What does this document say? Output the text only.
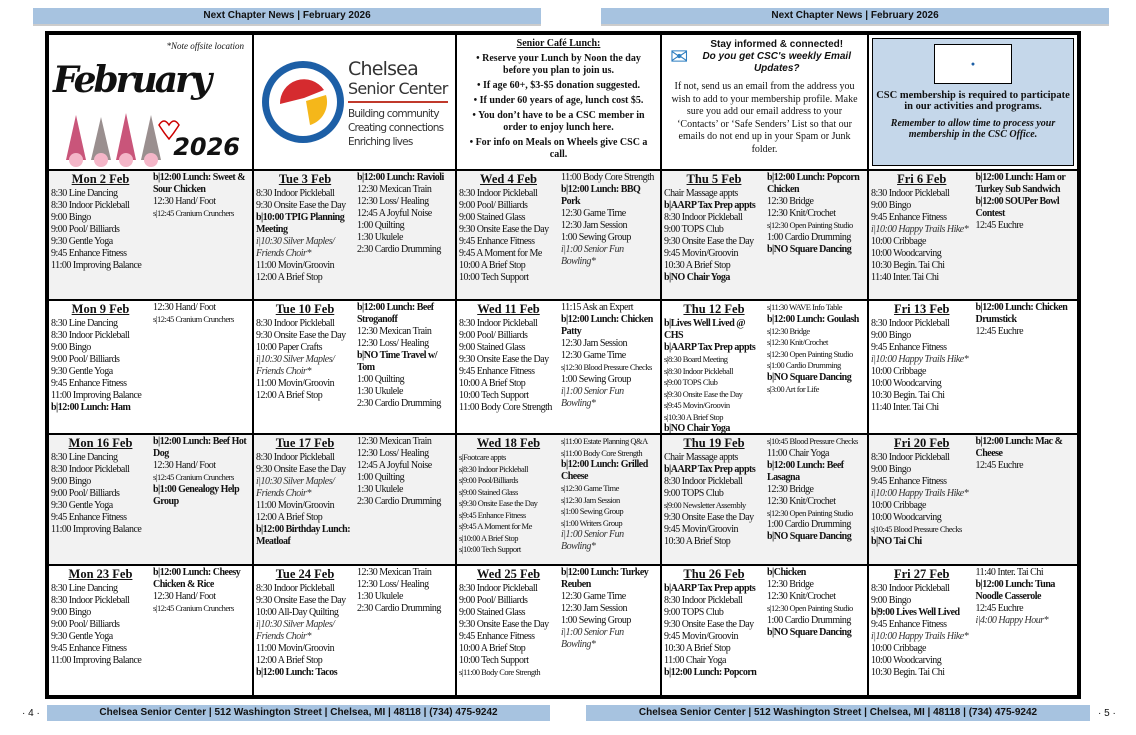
Next Chapter News | February 2026	Next Chapter News | February 2026
*Note offsite location
February
2026
Chelsea
Senior Center
Building community
Creating connections
Enriching lives
Senior Café Lunch:

• Reserve your Lunch by Noon the day before you plan to join us.

• If age 60+, $3-$5 donation suggested.

• If under 60 years of age, lunch cost $5.

• You don’t have to be a CSC member in order to enjoy lunch here.

• For info on Meals on Wheels give CSC a call.

✉	Stay informed & connected!
Do you get CSC's weekly Email Updates?
If not, send us an email from the address you wish to add to your membership profile. Make sure you add our email address to your ‘Contacts’ or ‘Safe Senders’ List so that our emails do not end up in your Spam or Junk folder.
●
CSC membership is required to participate in our activities and programs.
Remember to allow time to process your membership in the CSC Office.
Mon 2 Feb
8:30 Line Dancing
8:30 Indoor Pickleball
9:00 Bingo
9:00 Pool/ Billiards
9:30 Gentle Yoga
9:45 Enhance Fitness
11:00 Improving Balance
b|12:00 Lunch: Sweet & Sour Chicken
12:30 Hand/ Foot
s|12:45 Cranium Crunchers
Tue 3 Feb
8:30 Indoor Pickleball
9:30 Onsite Ease the Day
b|10:00 TPIG Planning Meeting
i|10:30 Silver Maples/ Friends Choir*
11:00 Movin/Groovin
12:00 A Brief Stop
b|12:00 Lunch: Ravioli
12:30 Mexican Train
12:30 Loss/ Healing
12:45 A Joyful Noise
1:00 Quilting
1:30 Ukulele
2:30 Cardio Drumming
Wed 4 Feb
8:30 Indoor Pickleball
9:00 Pool/ Billiards
9:00 Stained Glass
9:30 Onsite Ease the Day
9:45 Enhance Fitness
9:45 A Moment for Me
10:00 A Brief Stop
10:00 Tech Support
11:00 Body Core Strength
b|12:00 Lunch: BBQ Pork
12:30 Game Time
12:30 Jam Session
1:00 Sewing Group
i|1:00 Senior Fun Bowling*
Thu 5 Feb
Chair Massage appts
b|AARP Tax Prep appts
8:30 Indoor Pickleball
9:00 TOPS Club
9:30 Onsite Ease the Day
9:45 Movin/Groovin
10:30 A Brief Stop
b|NO Chair Yoga
b|12:00 Lunch: Popcorn Chicken
12:30 Bridge
12:30 Knit/Crochet
s|12:30 Open Painting Studio
1:00 Cardio Drumming
b|NO Square Dancing
Fri 6 Feb
8:30 Indoor Pickleball
9:00 Bingo
9:45 Enhance Fitness
i|10:00 Happy Trails Hike*
10:00 Cribbage
10:00 Woodcarving
10:30 Begin. Tai Chi
11:40 Inter. Tai Chi
b|12:00 Lunch: Ham or Turkey Sub Sandwich
b|12:00 SOUPer Bowl Contest
12:45 Euchre
Mon 9 Feb
8:30 Line Dancing
8:30 Indoor Pickleball
9:00 Bingo
9:00 Pool/ Billiards
9:30 Gentle Yoga
9:45 Enhance Fitness
11:00 Improving Balance
b|12:00 Lunch: Ham
12:30 Hand/ Foot
s|12:45 Cranium Crunchers
Tue 10 Feb
8:30 Indoor Pickleball
9:30 Onsite Ease the Day
10:00 Paper Crafts
i|10:30 Silver Maples/ Friends Choir*
11:00 Movin/Groovin
12:00 A Brief Stop
b|12:00 Lunch: Beef Stroganoff
12:30 Mexican Train
12:30 Loss/ Healing
b|NO Time Travel w/ Tom
1:00 Quilting
1:30 Ukulele
2:30 Cardio Drumming
Wed 11 Feb
8:30 Indoor Pickleball
9:00 Pool/ Billiards
9:00 Stained Glass
9:30 Onsite Ease the Day
9:45 Enhance Fitness
10:00 A Brief Stop
10:00 Tech Support
11:00 Body Core Strength
11:15 Ask an Expert
b|12:00 Lunch: Chicken Patty
12:30 Jam Session
12:30 Game Time
s|12:30 Blood Pressure Checks
1:00 Sewing Group
i|1:00 Senior Fun Bowling*
Thu 12 Feb
b|Lives Well Lived @ CHS
b|AARP Tax Prep appts
s|8:30 Board Meeting
s|8:30 Indoor Pickleball
s|9:00 TOPS Club
s|9:30 Onsite Ease the Day
s|9:45 Movin/Groovin
s|10:30 A Brief Stop
b|NO Chair Yoga
s|11:30 WAVE Info Table
b|12:00 Lunch: Goulash
s|12:30 Bridge
s|12:30 Knit/Crochet
s|12:30 Open Painting Studio
s|1:00 Cardio Drumming
b|NO Square Dancing
s|3:00 Art for Life
Fri 13 Feb
8:30 Indoor Pickleball
9:00 Bingo
9:45 Enhance Fitness
i|10:00 Happy Trails Hike*
10:00 Cribbage
10:00 Woodcarving
10:30 Begin. Tai Chi
11:40 Inter. Tai Chi
b|12:00 Lunch: Chicken Drumstick
12:45 Euchre
Mon 16 Feb
8:30 Line Dancing
8:30 Indoor Pickleball
9:00 Bingo
9:00 Pool/ Billiards
9:30 Gentle Yoga
9:45 Enhance Fitness
11:00 Improving Balance
b|12:00 Lunch: Beef Hot Dog
12:30 Hand/ Foot
s|12:45 Cranium Crunchers
b|1:00 Genealogy Help Group
Tue 17 Feb
8:30 Indoor Pickleball
9:30 Onsite Ease the Day
i|10:30 Silver Maples/ Friends Choir*
11:00 Movin/Groovin
12:00 A Brief Stop
b|12:00 Birthday Lunch: Meatloaf
12:30 Mexican Train
12:30 Loss/ Healing
12:45 A Joyful Noise
1:00 Quilting
1:30 Ukulele
2:30 Cardio Drumming
Wed 18 Feb
s|Footcare appts
s|8:30 Indoor Pickleball
s|9:00 Pool/Billiards
s|9:00 Stained Glass
s|9:30 Onsite Ease the Day
s|9:45 Enhance Fitness
s|9:45 A Moment for Me
s|10:00 A Brief Stop
s|10:00 Tech Support
s|11:00 Estate Planning Q&A
s|11:00 Body Core Strength
b|12:00 Lunch: Grilled Cheese
s|12:30 Game Time
s|12:30 Jam Session
s|1:00 Sewing Group
s|1:00 Writers Group
i|1:00 Senior Fun Bowling*
Thu 19 Feb
Chair Massage appts
b|AARP Tax Prep appts
8:30 Indoor Pickleball
9:00 TOPS Club
s|9:00 Newsletter Assembly
9:30 Onsite Ease the Day
9:45 Movin/Groovin
10:30 A Brief Stop
s|10:45 Blood Pressure Checks
11:00 Chair Yoga
b|12:00 Lunch: Beef Lasagna
12:30 Bridge
12:30 Knit/Crochet
s|12:30 Open Painting Studio
1:00 Cardio Drumming
b|NO Square Dancing
Fri 20 Feb
8:30 Indoor Pickleball
9:00 Bingo
9:45 Enhance Fitness
i|10:00 Happy Trails Hike*
10:00 Cribbage
10:00 Woodcarving
s|10:45 Blood Pressure Checks
b|NO Tai Chi
b|12:00 Lunch: Mac & Cheese
12:45 Euchre
Mon 23 Feb
8:30 Line Dancing
8:30 Indoor Pickleball
9:00 Bingo
9:00 Pool/ Billiards
9:30 Gentle Yoga
9:45 Enhance Fitness
11:00 Improving Balance
b|12:00 Lunch: Cheesy Chicken & Rice
12:30 Hand/ Foot
s|12:45 Cranium Crunchers
Tue 24 Feb
8:30 Indoor Pickleball
9:30 Onsite Ease the Day
10:00 All-Day Quilting
i|10:30 Silver Maples/ Friends Choir*
11:00 Movin/Groovin
12:00 A Brief Stop
b|12:00 Lunch: Tacos
12:30 Mexican Train
12:30 Loss/ Healing
1:30 Ukulele
2:30 Cardio Drumming
Wed 25 Feb
8:30 Indoor Pickleball
9:00 Pool/ Billiards
9:00 Stained Glass
9:30 Onsite Ease the Day
9:45 Enhance Fitness
10:00 A Brief Stop
10:00 Tech Support
s|11:00 Body Core Strength
b|12:00 Lunch: Turkey Reuben
12:30 Game Time
12:30 Jam Session
1:00 Sewing Group
i|1:00 Senior Fun Bowling*
Thu 26 Feb
b|AARP Tax Prep appts
8:30 Indoor Pickleball
9:00 TOPS Club
9:30 Onsite Ease the Day
9:45 Movin/Groovin
10:30 A Brief Stop
11:00 Chair Yoga
b|12:00 Lunch: Popcorn
b|Chicken
12:30 Bridge
12:30 Knit/Crochet
s|12:30 Open Painting Studio
1:00 Cardio Drumming
b|NO Square Dancing
Fri 27 Feb
8:30 Indoor Pickleball
9:00 Bingo
b|9:00 Lives Well Lived
9:45 Enhance Fitness
i|10:00 Happy Trails Hike*
10:00 Cribbage
10:00 Woodcarving
10:30 Begin. Tai Chi
11:40 Inter. Tai Chi
b|12:00 Lunch: Tuna Noodle Casserole
12:45 Euchre
i|4:00 Happy Hour*
· 4 ·	Chelsea Senior Center | 512 Washington Street | Chelsea, MI | 48118 | (734) 475-9242	Chelsea Senior Center | 512 Washington Street | Chelsea, MI | 48118 | (734) 475-9242	· 5 ·
